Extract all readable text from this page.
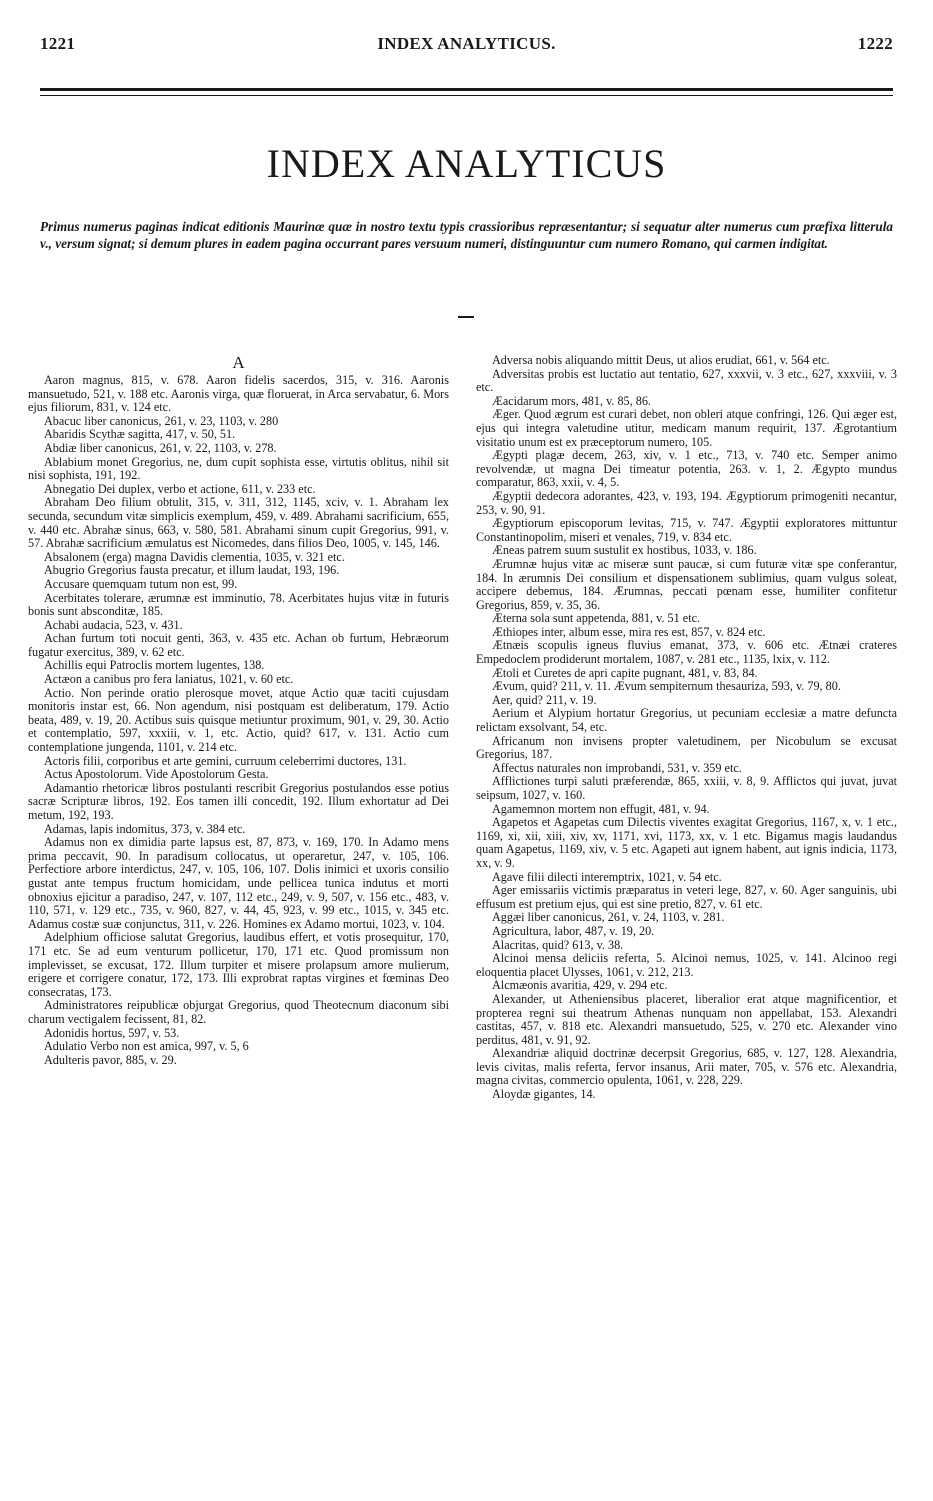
1221	INDEX ANALYTICUS.	1222
INDEX ANALYTICUS

Primus numerus paginas indicat editionis Maurinæ quæ in nostro textu typis crassioribus repræsentantur; si sequatur alter numerus cum præfixa litterula v., versum signat; si demum plures in eadem pagina occurrant pares versuum numeri, distinguuntur cum numero Romano, qui carmen indigitat.

A

Aaron magnus, 815, v. 678. Aaron fidelis sacerdos, 315, v. 316. Aaronis mansuetudo, 521, v. 188 etc. Aaronis virga, quæ floruerat, in Arca servabatur, 6. Mors ejus filiorum, 831, v. 124 etc.

Abacuc liber canonicus, 261, v. 23, 1103, v. 280

Abaridis Scythæ sagitta, 417, v. 50, 51.

Abdiæ liber canonicus, 261, v. 22, 1103, v. 278.

Ablabium monet Gregorius, ne, dum cupit sophista esse, virtutis oblitus, nihil sit nisi sophista, 191, 192.

Abnegatio Dei duplex, verbo et actione, 611, v. 233 etc.

Abraham Deo filium obtulit, 315, v. 311, 312, 1145, xciv, v. 1. Abraham lex secunda, secundum vitæ simplicis exemplum, 459, v. 489. Abrahami sacrificium, 655, v. 440 etc. Abrahæ sinus, 663, v. 580, 581. Abrahami sinum cupit Gregorius, 991, v. 57. Abrahæ sacrificium æmulatus est Nicomedes, dans filios Deo, 1005, v. 145, 146.

Absalonem (erga) magna Davidis clementia, 1035, v. 321 etc.

Abugrio Gregorius fausta precatur, et illum laudat, 193, 196.

Accusare quemquam tutum non est, 99.

Acerbitates tolerare, ærumnæ est imminutio, 78. Acerbitates hujus vitæ in futuris bonis sunt absconditæ, 185.

Achabi audacia, 523, v. 431.

Achan furtum toti nocuit genti, 363, v. 435 etc. Achan ob furtum, Hebræorum fugatur exercitus, 389, v. 62 etc.

Achillis equi Patroclis mortem lugentes, 138.

Actæon a canibus pro fera laniatus, 1021, v. 60 etc.

Actio. Non perinde oratio plerosque movet, atque Actio quæ taciti cujusdam monitoris instar est, 66. Non agendum, nisi postquam est deliberatum, 179. Actio beata, 489, v. 19, 20. Actibus suis quisque metiuntur proximum, 901, v. 29, 30. Actio et contemplatio, 597, xxxiii, v. 1, etc. Actio, quid? 617, v. 131. Actio cum contemplatione jungenda, 1101, v. 214 etc.

Actoris filii, corporibus et arte gemini, curruum celeberrimi ductores, 131.

Actus Apostolorum. Vide Apostolorum Gesta.

Adamantio rhetoricæ libros postulanti rescribit Gregorius postulandos esse potius sacræ Scripturæ libros, 192. Eos tamen illi concedit, 192. Illum exhortatur ad Dei metum, 192, 193.

Adamas, lapis indomitus, 373, v. 384 etc.

Adamus non ex dimidia parte lapsus est, 87, 873, v. 169, 170. In Adamo mens prima peccavit, 90. In paradisum collocatus, ut operaretur, 247, v. 105, 106. Perfectiore arbore interdictus, 247, v. 105, 106, 107. Dolis inimici et uxoris consilio gustat ante tempus fructum homicidam, unde pellicea tunica indutus et morti obnoxius ejicitur a paradiso, 247, v. 107, 112 etc., 249, v. 9, 507, v. 156 etc., 483, v. 110, 571, v. 129 etc., 735, v. 960, 827, v. 44, 45, 923, v. 99 etc., 1015, v. 345 etc. Adamus costæ suæ conjunctus, 311, v. 226. Homines ex Adamo mortui, 1023, v. 104.

Adelphium officiose salutat Gregorius, laudibus effert, et votis prosequitur, 170, 171 etc. Se ad eum venturum pollicetur, 170, 171 etc. Quod promissum non implevisset, se excusat, 172. Illum turpiter et misere prolapsum amore mulierum, erigere et corrigere conatur, 172, 173. Illi exprobrat raptas virgines et fœminas Deo consecratas, 173.

Administratores reipublicæ objurgat Gregorius, quod Theotecnum diaconum sibi charum vectigalem fecissent, 81, 82.

Adonidis hortus, 597, v. 53.

Adulatio Verbo non est amica, 997, v. 5, 6

Adulteris pavor, 885, v. 29.

Adversa nobis aliquando mittit Deus, ut alios erudiat, 661, v. 564 etc.

Adversitas probis est luctatio aut tentatio, 627, xxxvii, v. 3 etc., 627, xxxviii, v. 3 etc.

Æacidarum mors, 481, v. 85, 86.

Æger. Quod ægrum est curari debet, non obleri atque confringi, 126. Qui æger est, ejus qui integra valetudine utitur, medicam manum requirit, 137. Ægrotantium visitatio unum est ex præceptorum numero, 105.

Ægypti plagæ decem, 263, xiv, v. 1 etc., 713, v. 740 etc. Semper animo revolvendæ, ut magna Dei timeatur potentia, 263. v. 1, 2. Ægypto mundus comparatur, 863, xxii, v. 4, 5.

Ægyptii dedecora adorantes, 423, v. 193, 194. Ægyptiorum primogeniti necantur, 253, v. 90, 91.

Ægyptiorum episcoporum levitas, 715, v. 747. Ægyptii exploratores mittuntur Constantinopolim, miseri et venales, 719, v. 834 etc.

Æneas patrem suum sustulit ex hostibus, 1033, v. 186.

Ærumnæ hujus vitæ ac miseræ sunt paucæ, si cum futuræ vitæ spe conferantur, 184. In ærumnis Dei consilium et dispensationem sublimius, quam vulgus soleat, accipere debemus, 184. Ærumnas, peccati pœnam esse, humiliter confitetur Gregorius, 859, v. 35, 36.

Æterna sola sunt appetenda, 881, v. 51 etc.

Æthiopes inter, album esse, mira res est, 857, v. 824 etc.

Ætnæis scopulis igneus fluvius emanat, 373, v. 606 etc. Ætnæi crateres Empedoclem prodiderunt mortalem, 1087, v. 281 etc., 1135, lxix, v. 112.

Ætoli et Curetes de apri capite pugnant, 481, v. 83, 84.

Ævum, quid? 211, v. 11. Ævum sempiternum thesauriza, 593, v. 79, 80.

Aer, quid? 211, v. 19.

Aerium et Alypium hortatur Gregorius, ut pecuniam ecclesiæ a matre defuncta relictam exsolvant, 54, etc.

Africanum non invisens propter valetudinem, per Nicobulum se excusat Gregorius, 187.

Affectus naturales non improbandi, 531, v. 359 etc.

Afflictiones turpi saluti præferendæ, 865, xxiii, v. 8, 9. Afflictos qui juvat, juvat seipsum, 1027, v. 160.

Agamemnon mortem non effugit, 481, v. 94.

Agapetos et Agapetas cum Dilectis viventes exagitat Gregorius, 1167, x, v. 1 etc., 1169, xi, xii, xiii, xiv, xv, 1171, xvi, 1173, xx, v. 1 etc. Bigamus magis laudandus quam Agapetus, 1169, xiv, v. 5 etc. Agapeti aut ignem habent, aut ignis indicia, 1173, xx, v. 9.

Agave filii dilecti interemptrix, 1021, v. 54 etc.

Ager emissariis victimis præparatus in veteri lege, 827, v. 60. Ager sanguinis, ubi effusum est pretium ejus, qui est sine pretio, 827, v. 61 etc.

Aggæi liber canonicus, 261, v. 24, 1103, v. 281.

Agricultura, labor, 487, v. 19, 20.

Alacritas, quid? 613, v. 38.

Alcinoi mensa deliciis referta, 5. Alcinoi nemus, 1025, v. 141. Alcinoo regi eloquentia placet Ulysses, 1061, v. 212, 213.

Alcmæonis avaritia, 429, v. 294 etc.

Alexander, ut Atheniensibus placeret, liberalior erat atque magnificentior, et propterea regni sui theatrum Athenas nunquam non appellabat, 153. Alexandri castitas, 457, v. 818 etc. Alexandri mansuetudo, 525, v. 270 etc. Alexander vino perditus, 481, v. 91, 92.

Alexandriæ aliquid doctrinæ decerpsit Gregorius, 685, v. 127, 128. Alexandria, levis civitas, malis referta, fervor insanus, Arii mater, 705, v. 576 etc. Alexandria, magna civitas, commercio opulenta, 1061, v. 228, 229.

Aloydæ gigantes, 14.
